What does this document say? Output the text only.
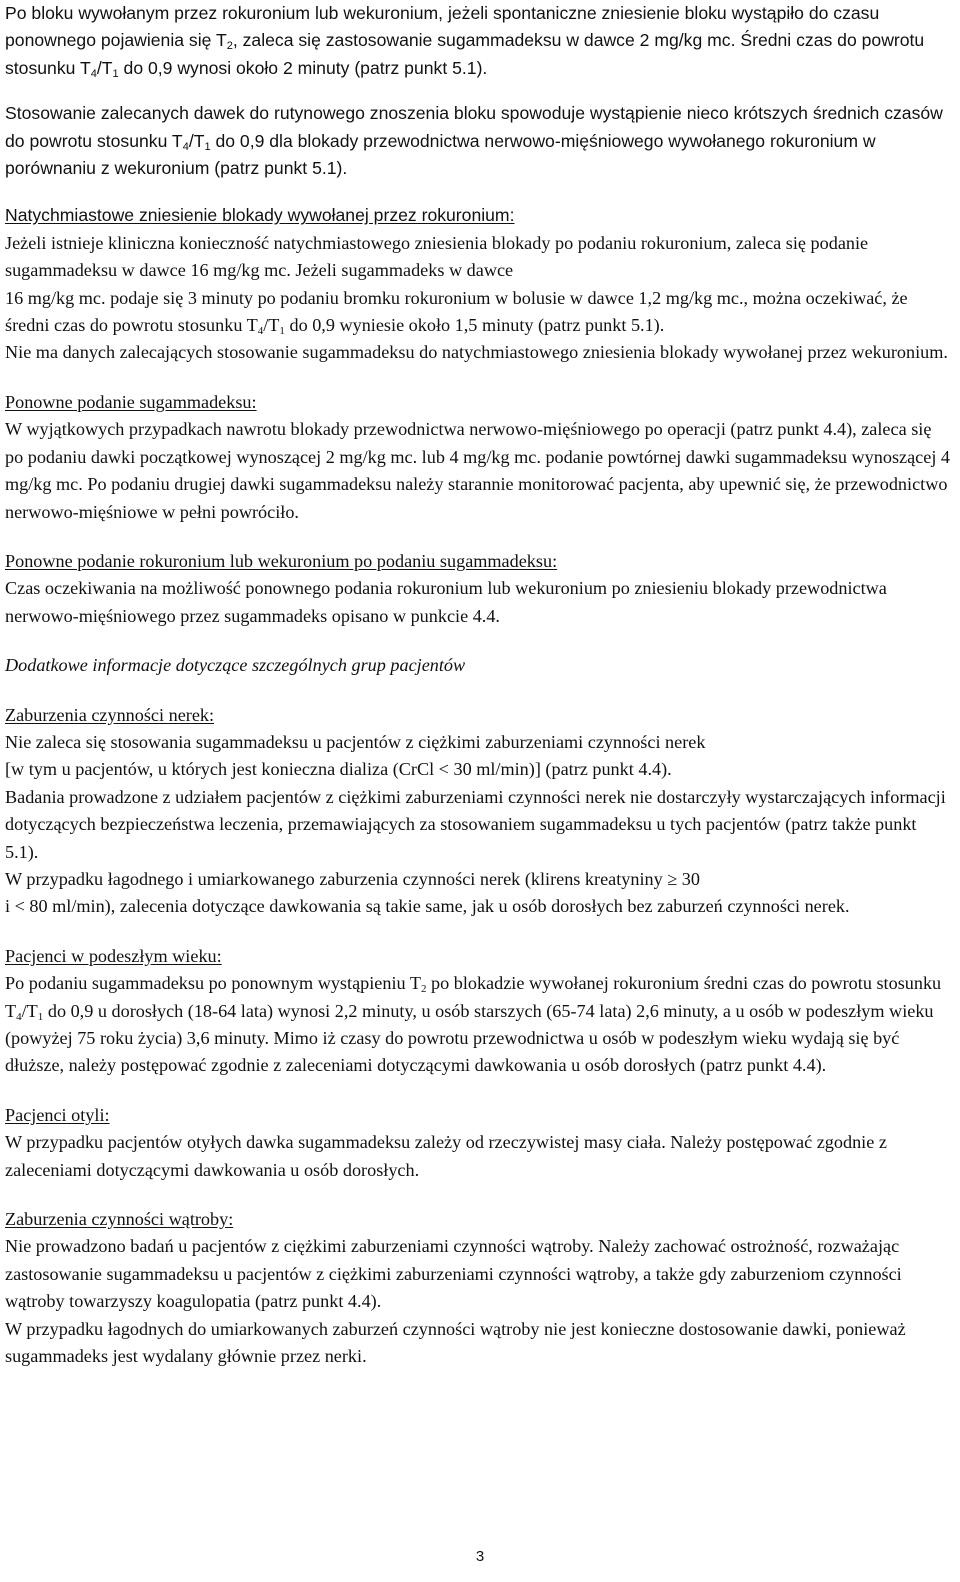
Po bloku wywołanym przez rokuronium lub wekuronium, jeżeli spontaniczne zniesienie bloku wystąpiło do czasu ponownego pojawienia się $T_2$, zaleca się zastosowanie sugammadeksu w dawce 2 mg/kg mc. Średni czas do powrotu stosunku $T_4/T_1$ do 0,9 wynosi około 2 minuty (patrz punkt 5.1).

Stosowanie zalecanych dawek do rutynowego znoszenia bloku spowoduje wystąpienie nieco krótszych średnich czasów do powrotu stosunku $T_4/T_1$ do 0,9 dla blokady przewodnictwa nerwowo-mięśniowego wywołanego rokuronium w porównaniu z wekuronium (patrz punkt 5.1).

Natychmiastowe zniesienie blokady wywołanej przez rokuronium:

Jeżeli istnieje kliniczna konieczność natychmiastowego zniesienia blokady po podaniu rokuronium, zaleca się podanie sugammadeksu w dawce 16 mg/kg mc. Jeżeli sugammadeks w dawce
16 mg/kg mc. podaje się 3 minuty po podaniu bromku rokuronium w bolusie w dawce 1,2 mg/kg mc., można oczekiwać, że średni czas do powrotu stosunku $T_4/T_1$ do 0,9 wyniesie około 1,5 minuty (patrz punkt 5.1).
Nie ma danych zalecających stosowanie sugammadeksu do natychmiastowego zniesienia blokady wywołanej przez wekuronium.

Ponowne podanie sugammadeksu:

W wyjątkowych przypadkach nawrotu blokady przewodnictwa nerwowo-mięśniowego po operacji (patrz punkt 4.4), zaleca się po podaniu dawki początkowej wynoszącej 2 mg/kg mc. lub 4 mg/kg mc. podanie powtórnej dawki sugammadeksu wynoszącej 4 mg/kg mc. Po podaniu drugiej dawki sugammadeksu należy starannie monitorować pacjenta, aby upewnić się, że przewodnictwo nerwowo-mięśniowe w pełni powróciło.

Ponowne podanie rokuronium lub wekuronium po podaniu sugammadeksu:

Czas oczekiwania na możliwość ponownego podania rokuronium lub wekuronium po zniesieniu blokady przewodnictwa nerwowo-mięśniowego przez sugammadeks opisano w punkcie 4.4.

Dodatkowe informacje dotyczące szczególnych grup pacjentów

Zaburzenia czynności nerek:

Nie zaleca się stosowania sugammadeksu u pacjentów z ciężkimi zaburzeniami czynności nerek
[w tym u pacjentów, u których jest konieczna dializa (CrCl < 30 ml/min)] (patrz punkt 4.4).
Badania prowadzone z udziałem pacjentów z ciężkimi zaburzeniami czynności nerek nie dostarczyły wystarczających informacji dotyczących bezpieczeństwa leczenia, przemawiających za stosowaniem sugammadeksu u tych pacjentów (patrz także punkt 5.1).
W przypadku łagodnego i umiarkowanego zaburzenia czynności nerek (klirens kreatyniny ≥ 30
i < 80 ml/min), zalecenia dotyczące dawkowania są takie same, jak u osób dorosłych bez zaburzeń czynności nerek.

Pacjenci w podeszłym wieku:

Po podaniu sugammadeksu po ponownym wystąpieniu $T_2$ po blokadzie wywołanej rokuronium średni czas do powrotu stosunku $T_4/T_1$ do 0,9 u dorosłych (18-64 lata) wynosi 2,2 minuty, u osób starszych (65-74 lata) 2,6 minuty, a u osób w podeszłym wieku (powyżej 75 roku życia) 3,6 minuty. Mimo iż czasy do powrotu przewodnictwa u osób w podeszłym wieku wydają się być dłuższe, należy postępować zgodnie z zaleceniami dotyczącymi dawkowania u osób dorosłych (patrz punkt 4.4).

Pacjenci otyli:

W przypadku pacjentów otyłych dawka sugammadeksu zależy od rzeczywistej masy ciała. Należy postępować zgodnie z zaleceniami dotyczącymi dawkowania u osób dorosłych.

Zaburzenia czynności wątroby:

Nie prowadzono badań u pacjentów z ciężkimi zaburzeniami czynności wątroby. Należy zachować ostrożność, rozważając zastosowanie sugammadeksu u pacjentów z ciężkimi zaburzeniami czynności wątroby, a także gdy zaburzeniom czynności wątroby towarzyszy koagulopatia (patrz punkt 4.4).
W przypadku łagodnych do umiarkowanych zaburzeń czynności wątroby nie jest konieczne dostosowanie dawki, ponieważ sugammadeks jest wydalany głównie przez nerki.

3
